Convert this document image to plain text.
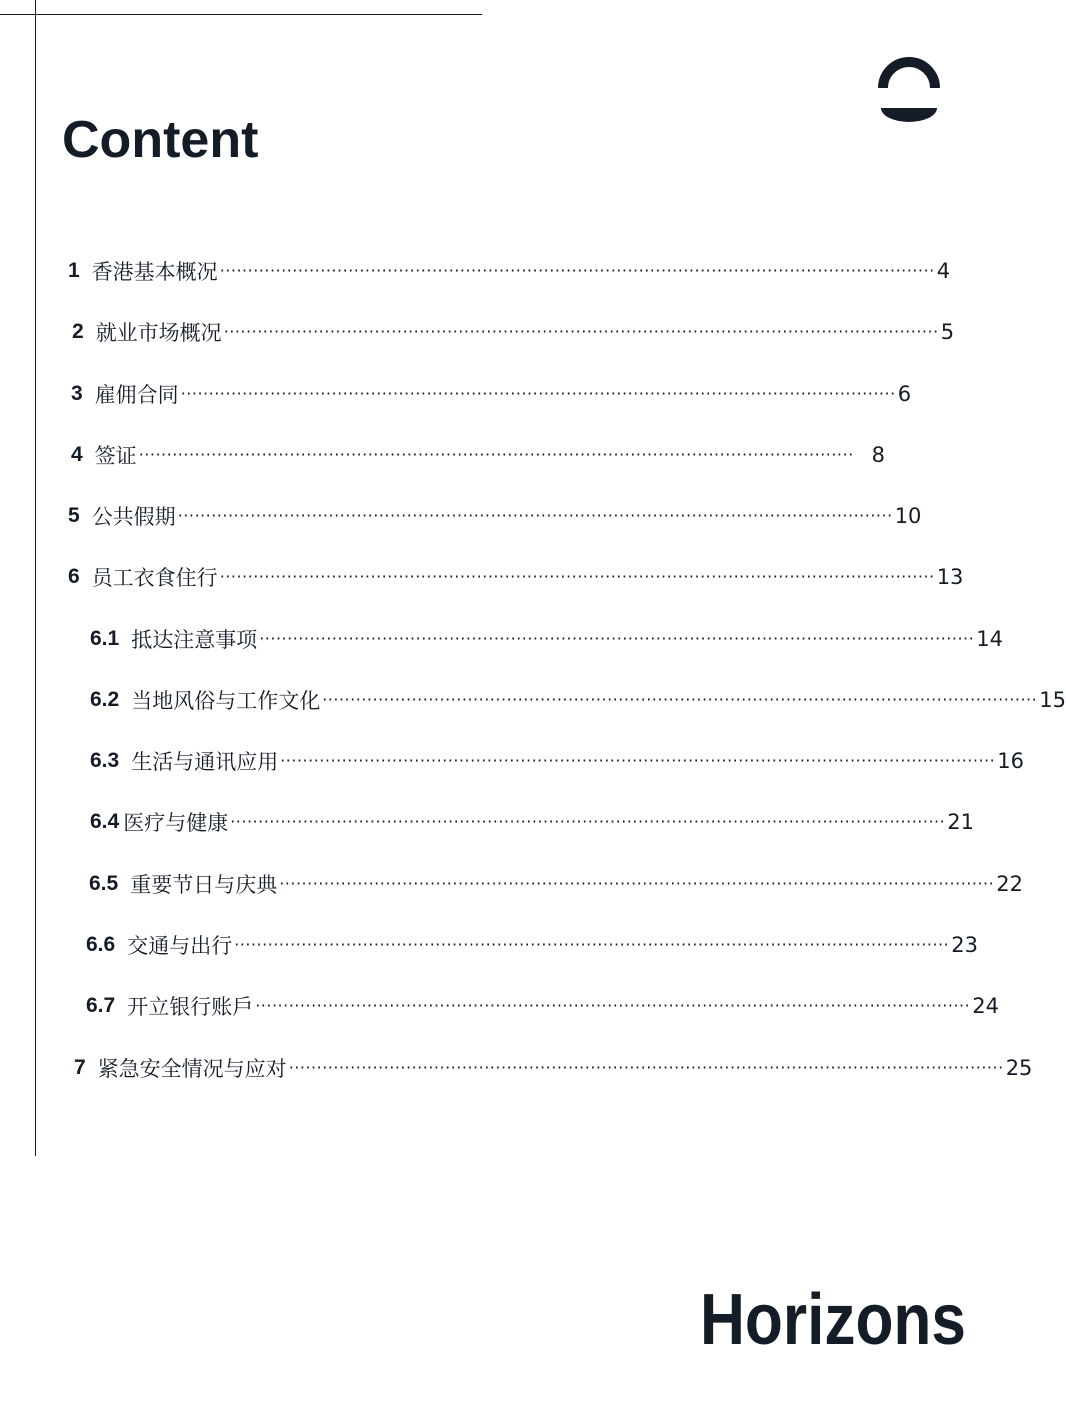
Content
1 香港基本概况 ·····	4
2 就业市场概况 ·····	5
3 雇佣合同 ·····	6
4 签证 ·····	8
5 公共假期 ·····	10
6 员工衣食住行 ·····	13
6.1 抵达注意事项 ·····	14
6.2 当地风俗与工作文化 ·····	15
6.3 生活与通讯应用 ·····	16
6.4 医疗与健康 ·····	21
6.5 重要节日与庆典 ·····	22
6.6 交通与出行 ·····	23
6.7 开立银行账戶 ·····	24
7 紧急安全情况与应对 ·····	25
Horizons
